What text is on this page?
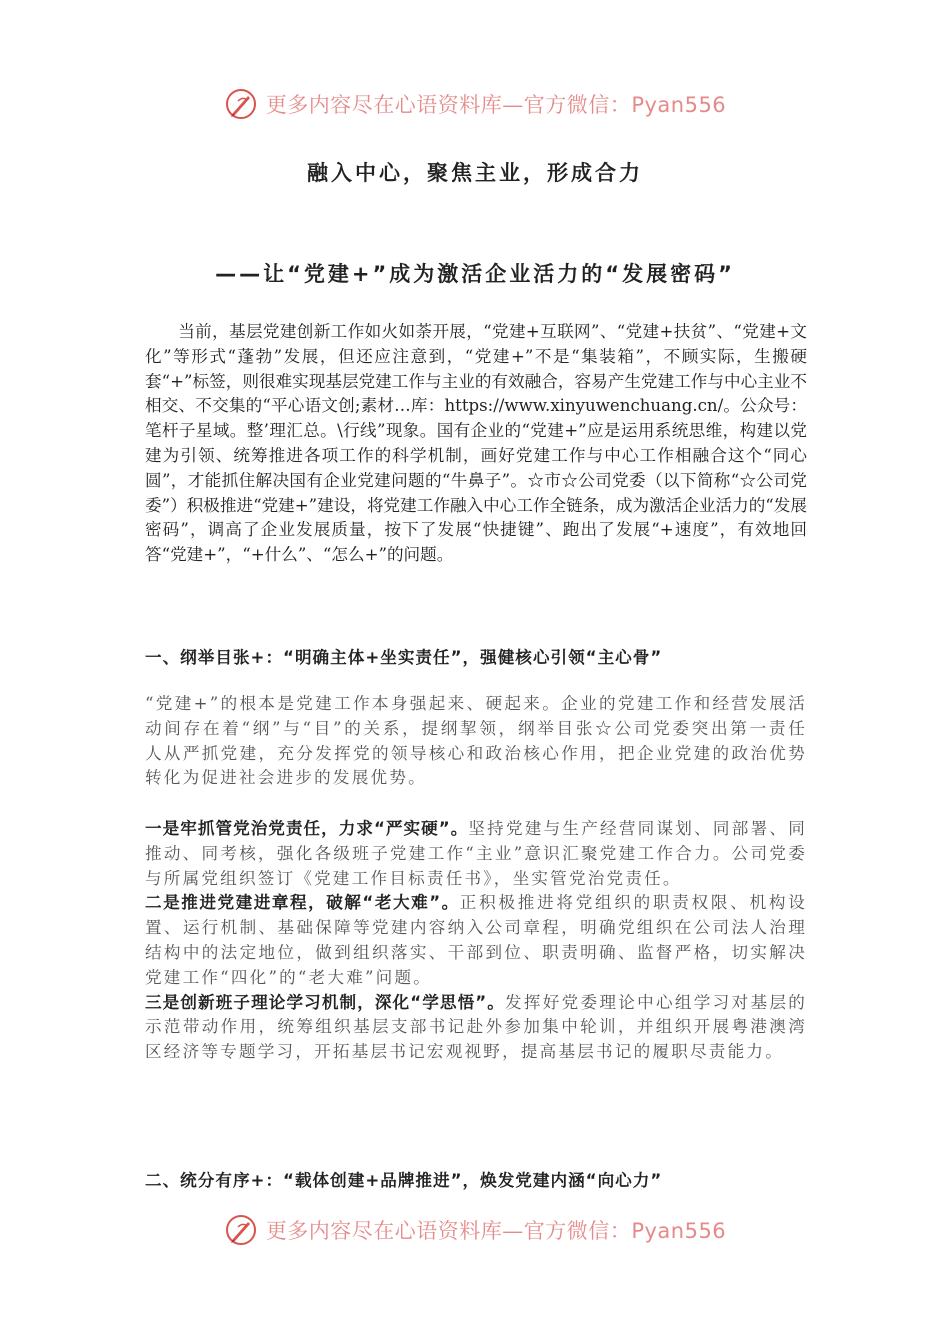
更多内容尽在心语资料库—官方微信：Pyan556
融入中心，聚焦主业，形成合力
——让“党建+”成为激活企业活力的“发展密码”

当前，基层党建创新工作如火如荼开展，“党建+互联网”、“党建+扶贫”、“党建+文化”等形式“蓬勃”发展，但还应注意到，“党建+”不是“集装箱”，不顾实际，生搬硬套“+”标签，则很难实现基层党建工作与主业的有效融合，容易产生党建工作与中心主业不相交、不交集的“平心语文创;素材…库：https://www.xinyuwenchuang.cn/。公众号：笔杆子星域。整’理汇总。\行线”现象。国有企业的“党建+”应是运用系统思维，构建以党建为引领、统筹推进各项工作的科学机制，画好党建工作与中心工作相融合这个“同心圆”，才能抓住解决国有企业党建问题的“牛鼻子”。☆市☆公司党委（以下简称“☆公司党委”）积极推进“党建+”建设，将党建工作融入中心工作全链条，成为激活企业活力的“发展密码”，调高了企业发展质量，按下了发展“快捷键”、跑出了发展“+速度”，有效地回答“党建+”，“+什么”、“怎么+”的问题。

一、纲举目张+：“明确主体+坐实责任”，强健核心引领“主心骨”

“党建+”的根本是党建工作本身强起来、硬起来。企业的党建工作和经营发展活动间存在着“纲”与“目”的关系，提纲挈领，纲举目张☆公司党委突出第一责任人从严抓党建，充分发挥党的领导核心和政治核心作用，把企业党建的政治优势转化为促进社会进步的发展优势。

一是牢抓管党治党责任，力求“严实硬”。坚持党建与生产经营同谋划、同部署、同推动、同考核，强化各级班子党建工作“主业”意识汇聚党建工作合力。公司党委与所属党组织签订《党建工作目标责任书》，坐实管党治党责任。

二是推进党建进章程，破解“老大难”。正积极推进将党组织的职责权限、机构设置、运行机制、基础保障等党建内容纳入公司章程，明确党组织在公司法人治理结构中的法定地位，做到组织落实、干部到位、职责明确、监督严格，切实解决党建工作“四化”的“老大难”问题。

三是创新班子理论学习机制，深化“学思悟”。发挥好党委理论中心组学习对基层的示范带动作用，统筹组织基层支部书记赴外参加集中轮训，并组织开展粤港澳湾区经济等专题学习，开拓基层书记宏观视野，提高基层书记的履职尽责能力。

二、统分有序+：“载体创建+品牌推进”，焕发党建内涵“向心力”
更多内容尽在心语资料库—官方微信：Pyan556
